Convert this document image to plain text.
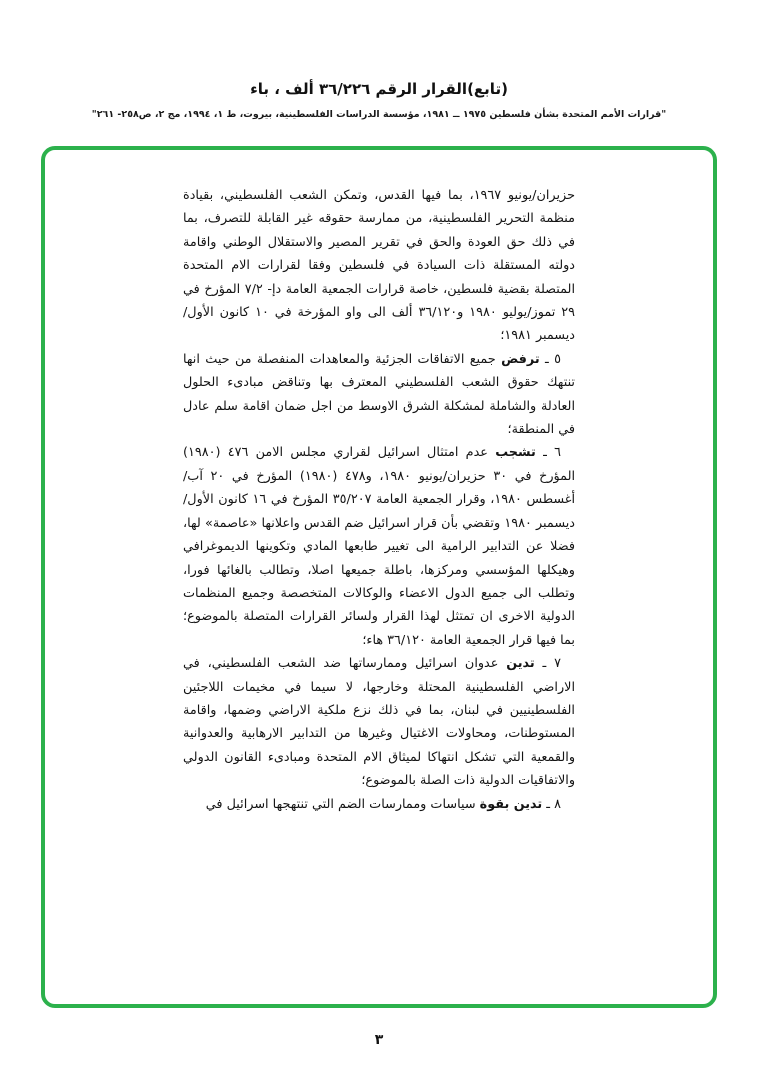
(تابع)القرار الرقم ٣٦/٢٢٦ ألف ، باء
"قرارات الأمم المتحدة بشأن فلسطين ١٩٧٥ ــ ١٩٨١، مؤسسة الدراسات الفلسطينية، بيروت، ط ١، ١٩٩٤، مج ٢، ص٢٥٨- ٢٦١"

حزيران/يونيو ١٩٦٧، بما فيها القدس، وتمكن الشعب الفلسطيني، بقيادة منظمة التحرير الفلسطينية، من ممارسة حقوقه غير القابلة للتصرف، بما في ذلك حق العودة والحق في تقرير المصير والاستقلال الوطني واقامة دولته المستقلة ذات السيادة في فلسطين وفقا لقرارات الام المتحدة المتصلة بقضية فلسطين، خاصة قرارات الجمعية العامة دإ- ٧/٢ المؤرخ في ٢٩ تموز/يوليو ١٩٨٠ و٣٦/١٢٠ ألف الى واو المؤرخة في ١٠ كانون الأول/ديسمبر ١٩٨١؛

٥ ـ ترفض جميع الاتفاقات الجزئية والمعاهدات المنفصلة من حيث انها تنتهك حقوق الشعب الفلسطيني المعترف بها وتناقض مبادىء الحلول العادلة والشاملة لمشكلة الشرق الاوسط من اجل ضمان اقامة سلم عادل في المنطقة؛

٦ ـ تشجب عدم امتثال اسرائيل لقراري مجلس الامن ٤٧٦ (١٩٨٠) المؤرخ في ٣٠ حزيران/يونيو ١٩٨٠، و٤٧٨ (١٩٨٠) المؤرخ في ٢٠ آب/أغسطس ١٩٨٠، وقرار الجمعية العامة ٣٥/٢٠٧ المؤرخ في ١٦ كانون الأول/ديسمبر ١٩٨٠ وتقضي بأن قرار اسرائيل ضم القدس واعلانها «عاصمة» لها، فضلا عن التدابير الرامية الى تغيير طابعها المادي وتكوينها الديموغرافي وهيكلها المؤسسي ومركزها، باطلة جميعها اصلا، وتطالب بالغائها فورا، وتطلب الى جميع الدول الاعضاء والوكالات المتخصصة وجميع المنظمات الدولية الاخرى ان تمتثل لهذا القرار ولسائر القرارات المتصلة بالموضوع؛ بما فيها قرار الجمعية العامة ٣٦/١٢٠ هاء؛

٧ ـ تدين عدوان اسرائيل وممارساتها ضد الشعب الفلسطيني، في الاراضي الفلسطينية المحتلة وخارجها، لا سيما في مخيمات اللاجئين الفلسطينيين في لبنان، بما في ذلك نزع ملكية الاراضي وضمها، واقامة المستوطنات، ومحاولات الاغتيال وغيرها من التدابير الارهابية والعدوانية والقمعية التي تشكل انتهاكا لميثاق الام المتحدة ومبادىء القانون الدولي والاتفاقيات الدولية ذات الصلة بالموضوع؛

٨ ـ تدين بقوة سياسات وممارسات الضم التي تنتهجها اسرائيل في

٣
